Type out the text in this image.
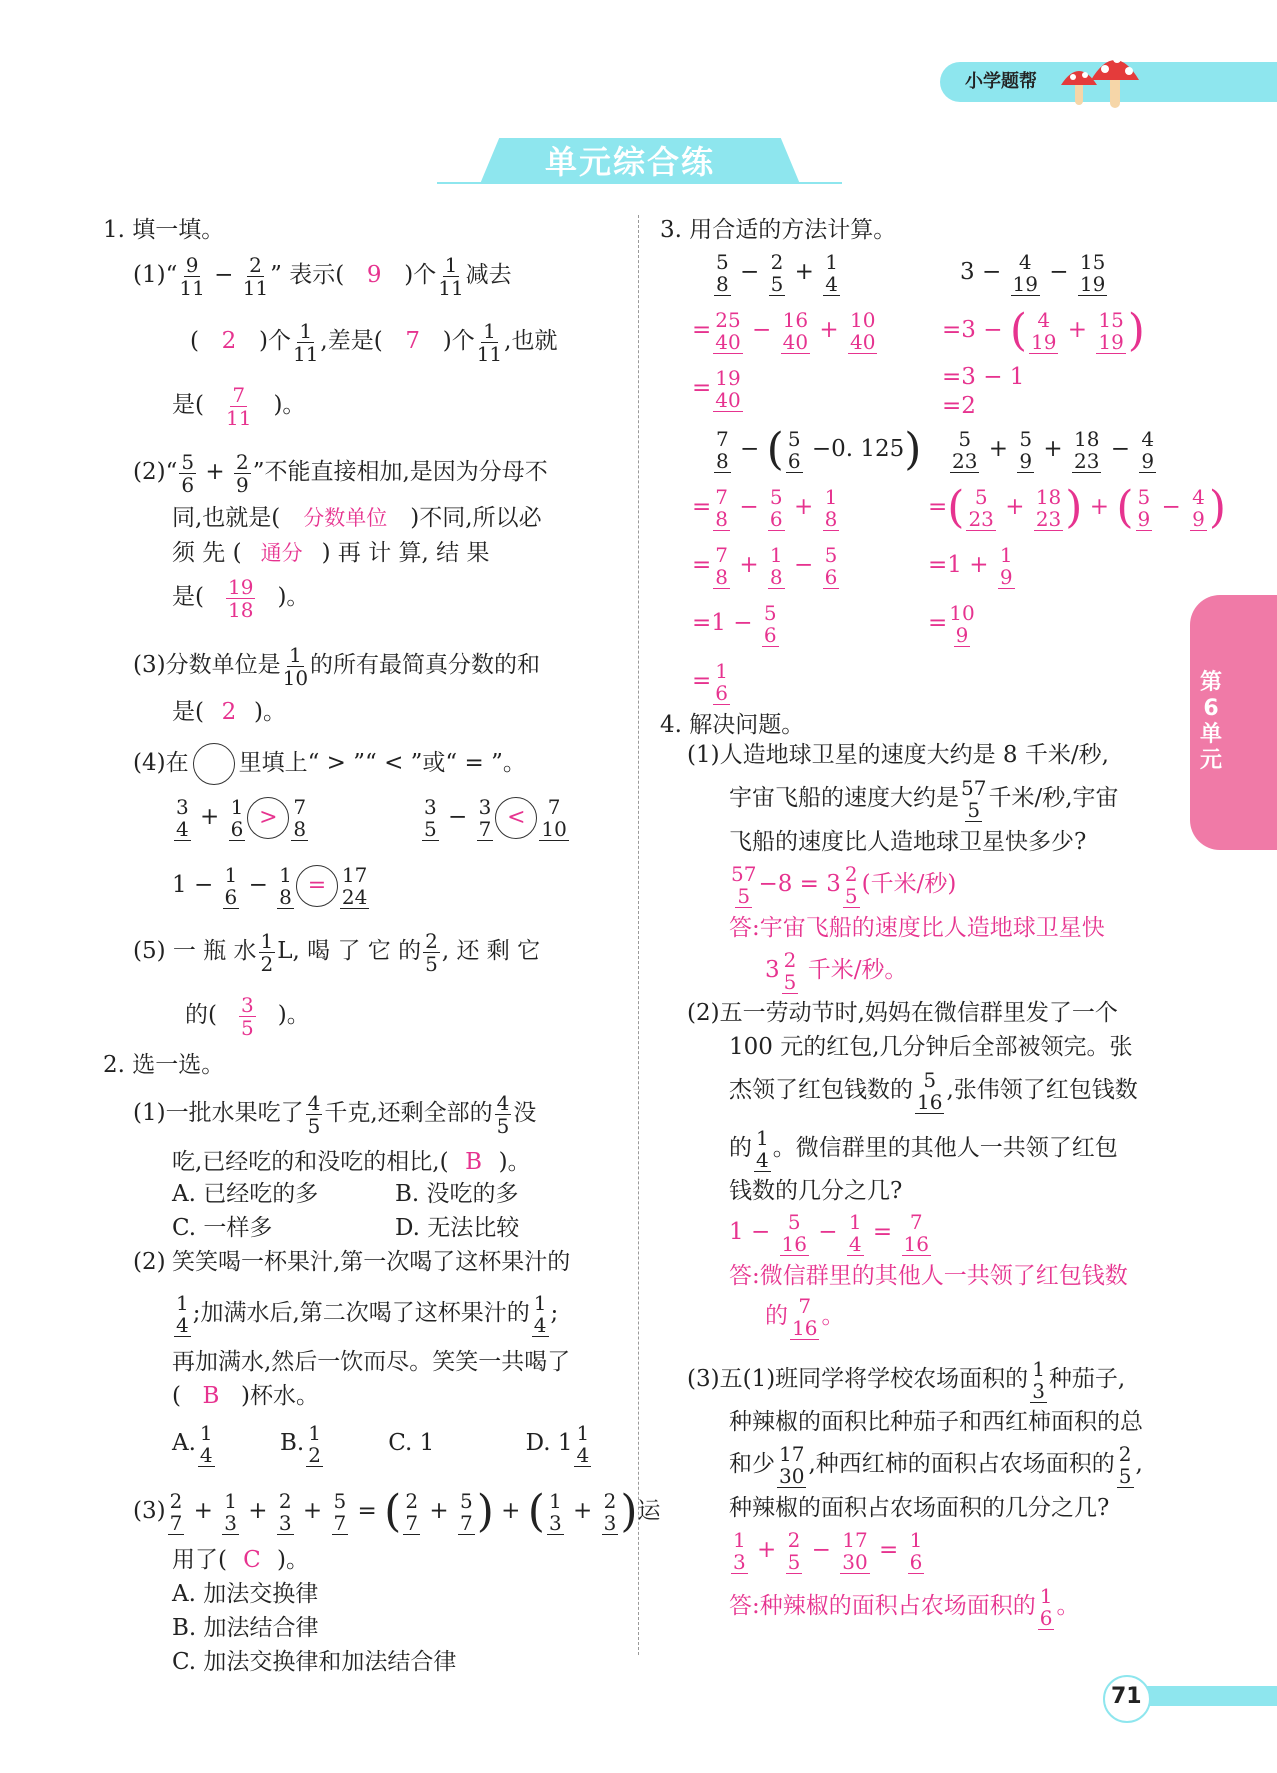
小学题帮
单元综合练
第6单元
1. 填一填。
(1)“ $\frac{9}{11} - \frac{2}{11}$ ” 表示( 9 )个 $\frac{1}{11}$ 减去
( 2 )个 $\frac{1}{11}$ ,差是( 7 )个 $\frac{1}{11}$ ,也就
是( $\frac{7}{11}$ )。
(2)“ $\frac{5}{6} + \frac{2}{9}$ ”不能直接相加,是因为分母不
同,也就是( 分数单位 )不同,所以必
须 先 ( 通分 ) 再 计 算, 结 果
是( $\frac{19}{18}$ )。
(3)分数单位是 $\frac{1}{10}$ 的所有最简真分数的和
是( 2 )。
(4)在 里填上“ > ”“ < ”或“ = ”。
3
4 + 1
6 > 7
8
3
5 − 3
7 < 7
10
1 − 1
6 − 1
8 = 17
24
(5) 一 瓶 水 $\frac{1}{2} L$, 喝 了 它 的 $\frac{2}{5}$ , 还 剩 它
的( $\frac{3}{5}$ )。
2. 选一选。
(1)一批水果吃了 $\frac{4}{5}$ 千克,还剩全部的 $\frac{4}{5}$ 没
吃,已经吃的和没吃的相比,( B )。
A. 已经吃的多	B. 没吃的多
C. 一样多	D. 无法比较
笑笑喝一杯果汁,第一次喝了这杯果汁的
(2)
1
4 ;加满水后,第二次喝了这杯果汁的 1
4 ;
再加满水,然后一饮而尽。笑笑一共喝了
( B )杯水。
A. 1
4	B. 1
2	C. 1	D. 1 1
4
(3) 2
7 + 1
3 + 2
3 + 5
7 = ( 2
7 + 5
7 ) + ( 1
3 + 2
3 )运
用了( C )。
A. 加法交换律
B. 加法结合律
C. 加法交换律和加法结合律
3. 用合适的方法计算。
5
8 − 2
5 + 1
4
= 25
40 − 16
40 + 10
40
= 19
40
3 − 4
19 − 15
19
=3 − ( 4
19 + 15
19 )
=3 − 1
=2
7
8 − ( 5
6 −0. 125)
= 7
8 − 5
6 + 1
8
= 7
8 + 1
8 − 5
6
=1 − 5
6
= 1
6
5
23 + 5
9 + 18
23 − 4
9
=( 5
23 + 18
23 ) + ( 5
9 − 4
9 )
=1 + 1
9
= 10
9
4. 解决问题。
(1)人造地球卫星的速度大约是 8 千米/秒,
宇宙飞船的速度大约是 57
5 千米/秒,宇宙
飞船的速度比人造地球卫星快多少?
57
5 −8 = 3 2
5 (千米/秒)
答:宇宙飞船的速度比人造地球卫星快
3 2
5 千米/秒。
(2)五一劳动节时,妈妈在微信群里发了一个
100 元的红包,几分钟后全部被领完。张
杰领了红包钱数的 5
16 ,张伟领了红包钱数
的 1
4 。微信群里的其他人一共领了红包
钱数的几分之几?
1 − 5
16 − 1
4 = 7
16
答:微信群里的其他人一共领了红包钱数
的 7
16 。
(3)五(1)班同学将学校农场面积的 1
3 种茄子,
种辣椒的面积比种茄子和西红柿面积的总
和少 17
30 ,种西红柿的面积占农场面积的 2
5 ,
种辣椒的面积占农场面积的几分之几?
1
3 + 2
5 − 17
30 = 1
6
答:种辣椒的面积占农场面积的 1
6 。
71
